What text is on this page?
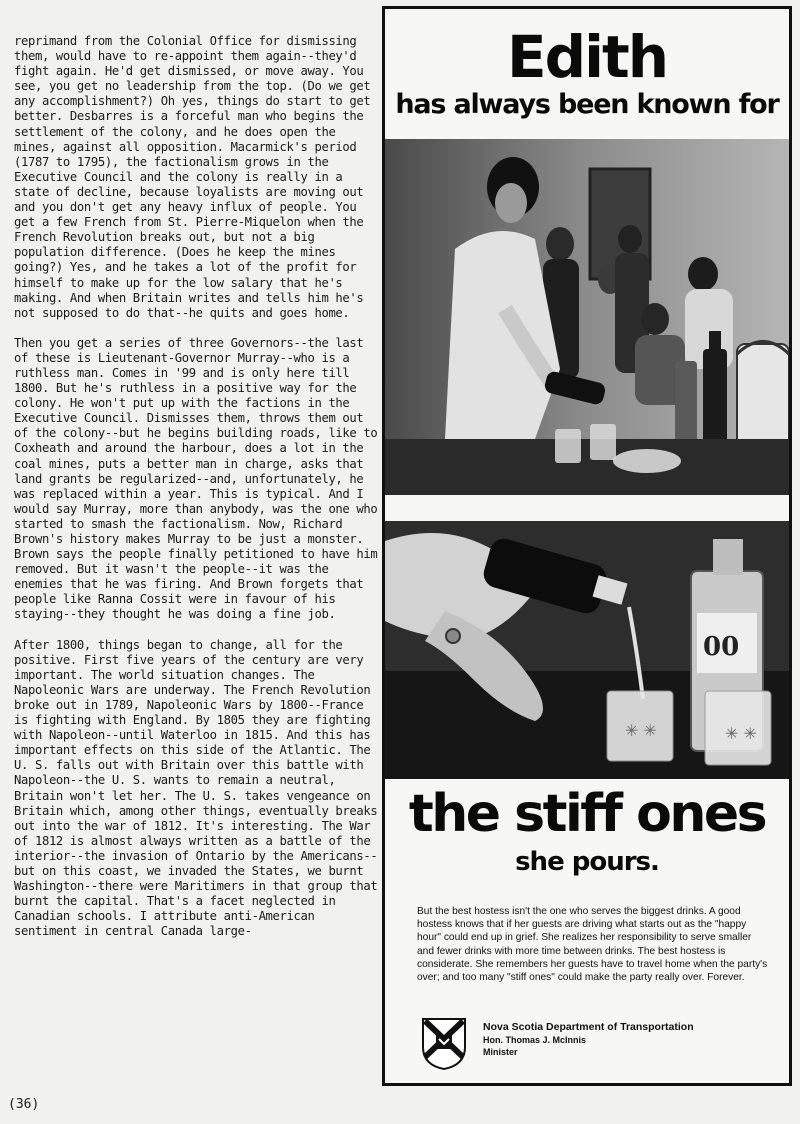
reprimand from the Colonial Office for dismissing them, would have to re-appoint them again--they'd fight again. He'd get dismissed, or move away. You see, you get no leadership from the top. (Do we get any accomplishment?) Oh yes, things do start to get better. Desbarres is a forceful man who begins the settlement of the colony, and he does open the mines, against all opposition. Macarmick's period (1787 to 1795), the factionalism grows in the Executive Council and the colony is really in a state of decline, because loyalists are moving out and you don't get any heavy influx of people. You get a few French from St. Pierre-Miquelon when the French Revolution breaks out, but not a big population difference. (Does he keep the mines going?) Yes, and he takes a lot of the profit for himself to make up for the low salary that he's making. And when Britain writes and tells him he's not supposed to do that--he quits and goes home.

Then you get a series of three Governors--the last of these is Lieutenant-Governor Murray--who is a ruthless man. Comes in '99 and is only here till 1800. But he's ruthless in a positive way for the colony. He won't put up with the factions in the Executive Council. Dismisses them, throws them out of the colony--but he begins building roads, like to Coxheath and around the harbour, does a lot in the coal mines, puts a better man in charge, asks that land grants be regularized--and, unfortunately, he was replaced within a year. This is typical. And I would say Murray, more than anybody, was the one who started to smash the factionalism. Now, Richard Brown's history makes Murray to be just a monster. Brown says the people finally petitioned to have him removed. But it wasn't the people--it was the enemies that he was firing. And Brown forgets that people like Ranna Cossit were in favour of his staying--they thought he was doing a fine job.

After 1800, things began to change, all for the positive. First five years of the century are very important. The world situation changes. The Napoleonic Wars are underway. The French Revolution broke out in 1789, Napoleonic Wars by 1800--France is fighting with England. By 1805 they are fighting with Napoleon--until Waterloo in 1815. And this has important effects on this side of the Atlantic. The U. S. falls out with Britain over this battle with Napoleon--the U. S. wants to remain a neutral, Britain won't let her. The U. S. takes vengeance on Britain which, among other things, eventually breaks out into the war of 1812. It's interesting. The War of 1812 is almost always written as a battle of the interior--the invasion of Ontario by the Americans--but on this coast, we invaded the States, we burnt Washington--there were Maritimers in that group that burnt the capital. That's a facet neglected in Canadian schools. I attribute anti-American sentiment in central Canada large-

(36)
Edith
has always been known for
00
✳ ✳	✳ ✳
the stiff ones
she pours.
But the best hostess isn't the one who serves the biggest drinks. A good hostess knows that if her guests are driving what starts out as the "happy hour" could end up in grief. She realizes her responsibility to serve smaller and fewer drinks with more time between drinks. The best hostess is considerate. She remembers her guests have to travel home when the party's over; and too many "stiff ones" could make the party really over. Forever.
Nova Scotia Department of Transportation
Hon. Thomas J. McInnis
Minister
